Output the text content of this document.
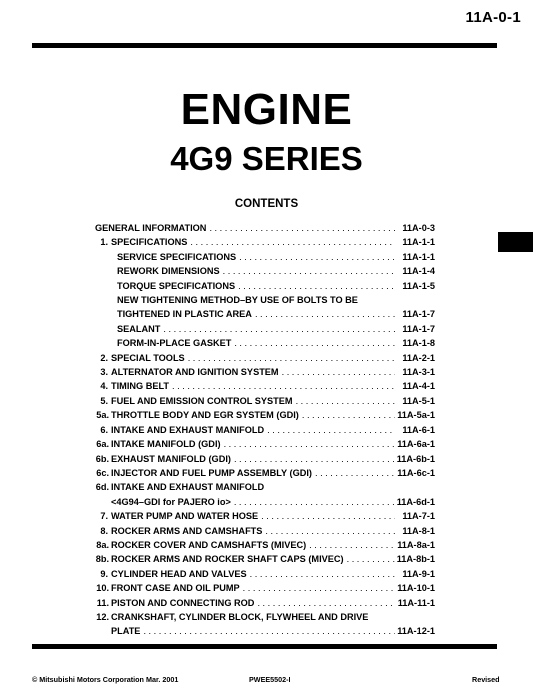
11A-0-1
ENGINE
4G9 SERIES
CONTENTS
GENERAL INFORMATION . . .	11A-0-3
1. SPECIFICATIONS . . .	11A-1-1
SERVICE SPECIFICATIONS . . .	11A-1-1
REWORK DIMENSIONS . . .	11A-1-4
TORQUE SPECIFICATIONS . . .	11A-1-5
NEW TIGHTENING METHOD–BY USE OF BOLTS TO BE
TIGHTENED IN PLASTIC AREA . . .	11A-1-7
SEALANT . . .	11A-1-7
FORM-IN-PLACE GASKET . . .	11A-1-8
2. SPECIAL TOOLS . . .	11A-2-1
3. ALTERNATOR AND IGNITION SYSTEM . . .	11A-3-1
4. TIMING BELT . . .	11A-4-1
5. FUEL AND EMISSION CONTROL SYSTEM . . .	11A-5-1
5a. THROTTLE BODY AND EGR SYSTEM (GDI) . . .	11A-5a-1
6. INTAKE AND EXHAUST MANIFOLD . . .	11A-6-1
6a. INTAKE MANIFOLD (GDI) . . .	11A-6a-1
6b. EXHAUST MANIFOLD (GDI) . . .	11A-6b-1
6c. INJECTOR AND FUEL PUMP ASSEMBLY (GDI) . . .	11A-6c-1
6d. INTAKE AND EXHAUST MANIFOLD
<4G94–GDI for PAJERO io> . . .	11A-6d-1
7. WATER PUMP AND WATER HOSE . . .	11A-7-1
8. ROCKER ARMS AND CAMSHAFTS . . .	11A-8-1
8a. ROCKER COVER AND CAMSHAFTS (MIVEC) . . .	11A-8a-1
8b. ROCKER ARMS AND ROCKER SHAFT CAPS (MIVEC) . . .	11A-8b-1
9. CYLINDER HEAD AND VALVES . . .	11A-9-1
10. FRONT CASE AND OIL PUMP . . .	11A-10-1
11. PISTON AND CONNECTING ROD . . .	11A-11-1
12. CRANKSHAFT, CYLINDER BLOCK, FLYWHEEL AND DRIVE
PLATE . . .	11A-12-1
© Mitsubishi Motors Corporation Mar. 2001	PWEE5502-I	Revised
